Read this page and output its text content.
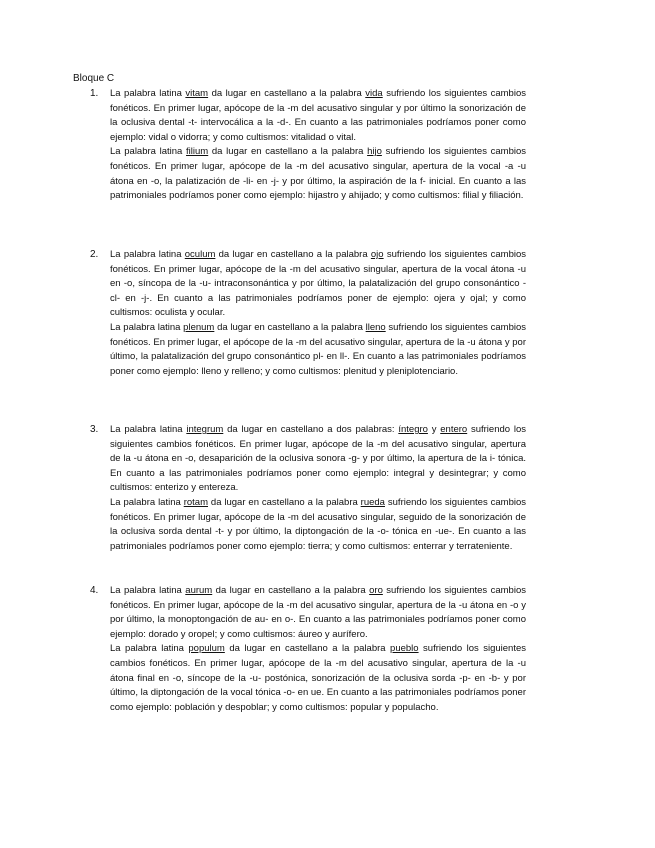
Bloque C
1.	La palabra latina vitam da lugar en castellano a la palabra vida sufriendo los siguientes cambios fonéticos. En primer lugar, apócope de la -m del acusativo singular y por último la sonorización de la oclusiva dental -t- intervocálica a la -d-. En cuanto a las patrimoniales podríamos poner como ejemplo: vidal o vidorra; y como cultismos: vitalidad o vital.

La palabra latina filium da lugar en castellano a la palabra hijo sufriendo los siguientes cambios fonéticos. En primer lugar, apócope de la -m del acusativo singular, apertura de la vocal -a -u átona en -o, la palatización de -li- en -j- y por último, la aspiración de la f- inicial. En cuanto a las patrimoniales podríamos poner como ejemplo: hijastro y ahijado; y como cultismos: filial y filiación.

2.	La palabra latina oculum da lugar en castellano a la palabra ojo sufriendo los siguientes cambios fonéticos. En primer lugar, apócope de la -m del acusativo singular, apertura de la vocal átona -u en -o, síncopa de la -u- intraconsonántica y por último, la palatalización del grupo consonántico -cl- en -j-. En cuanto a las patrimoniales podríamos poner de ejemplo: ojera y ojal; y como cultismos: oculista y ocular.

La palabra latina plenum da lugar en castellano a la palabra lleno sufriendo los siguientes cambios fonéticos. En primer lugar, el apócope de la -m del acusativo singular, apertura de la -u átona y por último, la palatalización del grupo consonántico pl- en ll-. En cuanto a las patrimoniales podríamos poner como ejemplo: lleno y relleno; y como cultismos: plenitud y pleniplotenciario.

3.	La palabra latina integrum da lugar en castellano a dos palabras: íntegro y entero sufriendo los siguientes cambios fonéticos. En primer lugar, apócope de la -m del acusativo singular, apertura de la -u átona en -o, desaparición de la oclusiva sonora -g- y por último, la apertura de la i- tónica. En cuanto a las patrimoniales podríamos poner como ejemplo: integral y desintegrar; y como cultismos: enterizo y entereza.

La palabra latina rotam da lugar en castellano a la palabra rueda sufriendo los siguientes cambios fonéticos. En primer lugar, apócope de la -m del acusativo singular, seguido de la sonorización de la oclusiva sorda dental -t- y por último, la diptongación de la -o- tónica en -ue-. En cuanto a las patrimoniales podríamos poner como ejemplo: tierra; y como cultismos: enterrar y terrateniente.

4.	La palabra latina aurum da lugar en castellano a la palabra oro sufriendo los siguientes cambios fonéticos. En primer lugar, apócope de la -m del acusativo singular, apertura de la -u átona en -o y por último, la monoptongación de au- en o-. En cuanto a las patrimoniales podríamos poner como ejemplo: dorado y oropel; y como cultismos: áureo y aurífero.

La palabra latina populum da lugar en castellano a la palabra pueblo sufriendo los siguientes cambios fonéticos. En primer lugar, apócope de la -m del acusativo singular, apertura de la -u átona final en -o, síncope de la -u- postónica, sonorización de la oclusiva sorda -p- en -b- y por último, la diptongación de la vocal tónica -o- en ue. En cuanto a las patrimoniales podríamos poner como ejemplo: población y despoblar; y como cultismos: popular y populacho.
